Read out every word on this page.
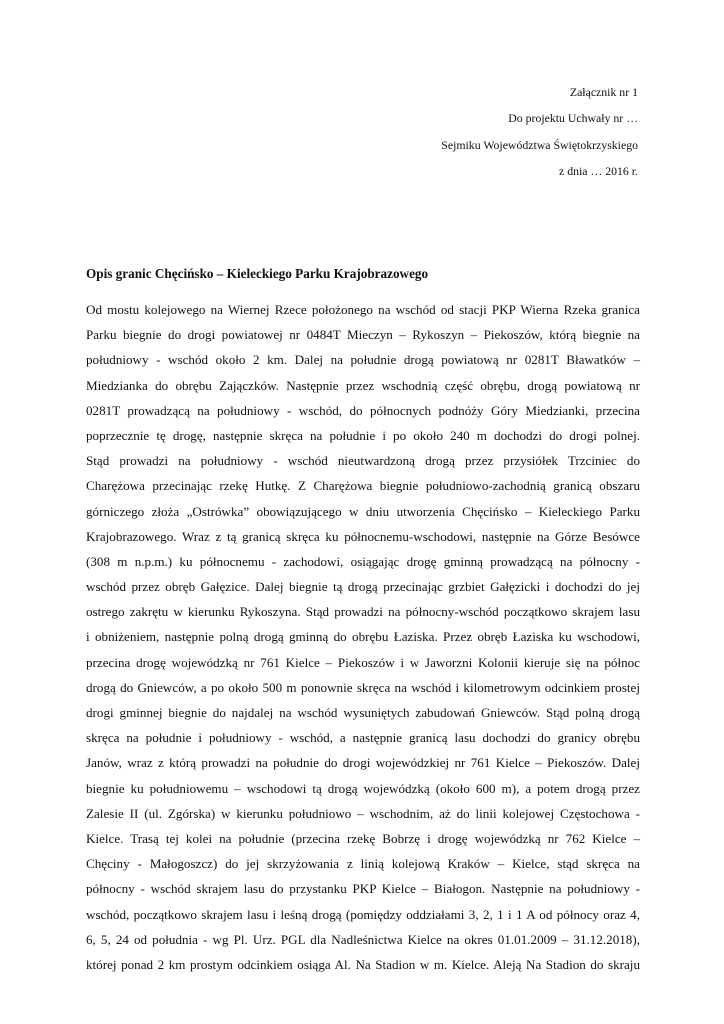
Załącznik nr 1
Do projektu Uchwały nr …
Sejmiku Województwa Świętokrzyskiego
z dnia … 2016 r.
Opis granic Chęcińsko – Kieleckiego Parku Krajobrazowego
Od mostu kolejowego na Wiernej Rzece położonego na wschód od stacji PKP Wierna Rzeka granica
Parku biegnie do drogi powiatowej nr 0484T Mieczyn – Rykoszyn – Piekoszów, którą biegnie na
południowy - wschód około 2 km. Dalej na południe drogą powiatową nr 0281T Bławatków –
Miedzianka do obrębu Zajączków. Następnie przez wschodnią część obrębu, drogą powiatową nr
0281T prowadzącą na południowy - wschód, do północnych podnóży Góry Miedzianki, przecina
poprzecznie tę drogę, następnie skręca na południe i po około 240 m dochodzi do drogi polnej.
Stąd prowadzi na południowy - wschód nieutwardzoną drogą przez przysiółek Trzciniec do
Charężowa przecinając rzekę Hutkę. Z Charężowa biegnie południowo-zachodnią granicą obszaru
górniczego złoża „Ostrówka” obowiązującego w dniu utworzenia Chęcińsko – Kieleckiego Parku
Krajobrazowego. Wraz z tą granicą skręca ku północnemu-wschodowi, następnie na Górze Besówce
(308 m n.p.m.) ku północnemu - zachodowi, osiągając drogę gminną prowadzącą na północny -
wschód przez obręb Gałęzice. Dalej biegnie tą drogą przecinając grzbiet Gałęzicki i dochodzi do jej
ostrego zakrętu w kierunku Rykoszyna. Stąd prowadzi na północny-wschód początkowo skrajem lasu
i obniżeniem, następnie polną drogą gminną do obrębu Łaziska. Przez obręb Łaziska ku wschodowi,
przecina drogę wojewódzką nr 761 Kielce – Piekoszów i w Jaworzni Kolonii kieruje się na północ
drogą do Gniewców, a po około 500 m ponownie skręca na wschód i kilometrowym odcinkiem prostej
drogi gminnej biegnie do najdalej na wschód wysuniętych zabudowań Gniewców. Stąd polną drogą
skręca na południe i południowy - wschód, a następnie granicą lasu dochodzi do granicy obrębu
Janów, wraz z którą prowadzi na południe do drogi wojewódzkiej nr 761 Kielce – Piekoszów. Dalej
biegnie ku południowemu – wschodowi tą drogą wojewódzką (około 600 m), a potem drogą przez
Zalesie II (ul. Zgórska) w kierunku południowo – wschodnim, aż do linii kolejowej Częstochowa -
Kielce. Trasą tej kolei na południe (przecina rzekę Bobrzę i drogę wojewódzką nr 762 Kielce –
Chęciny - Małogoszcz) do jej skrzyżowania z linią kolejową Kraków – Kielce, stąd skręca na
północny - wschód skrajem lasu do przystanku PKP Kielce – Białogon. Następnie na południowy -
wschód, początkowo skrajem lasu i leśną drogą (pomiędzy oddziałami 3, 2, 1 i 1 A od północy oraz 4,
6, 5, 24 od południa - wg Pl. Urz. PGL dla Nadleśnictwa Kielce na okres 01.01.2009 – 31.12.2018),
której ponad 2 km prostym odcinkiem osiąga Al. Na Stadion w m. Kielce. Aleją Na Stadion do skraju
